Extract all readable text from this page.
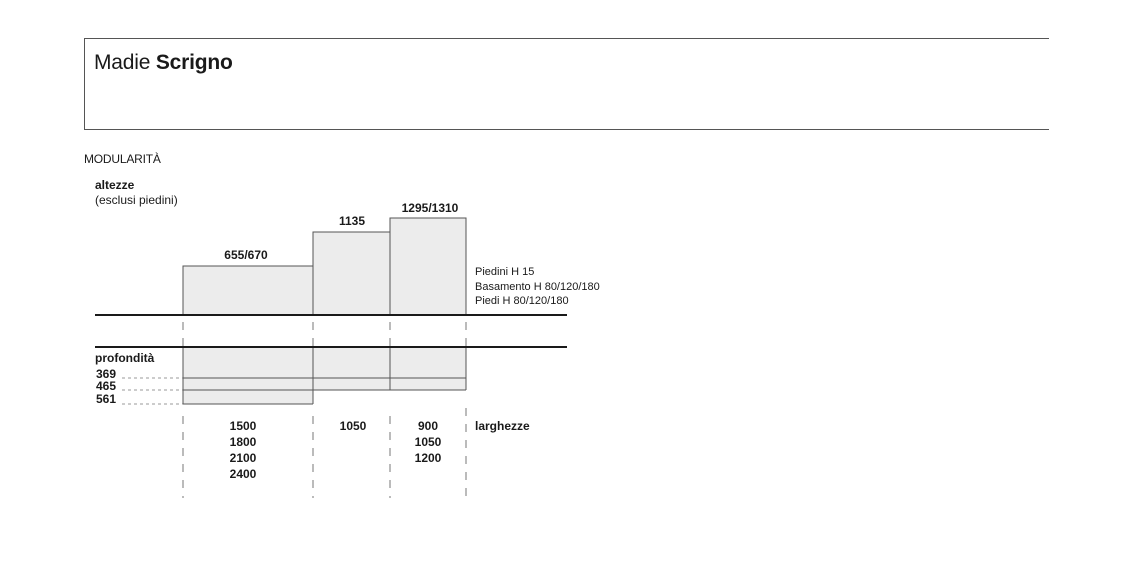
Madie Scrigno
MODULARITÀ
altezze
(esclusi piedini)
655/670
1135
1295/1310
Piedini H 15
Basamento H 80/120/180
Piedi H 80/120/180
profondità
369
465
561
1500
1800
2100
2400
1050	900
1050
1200
larghezze
